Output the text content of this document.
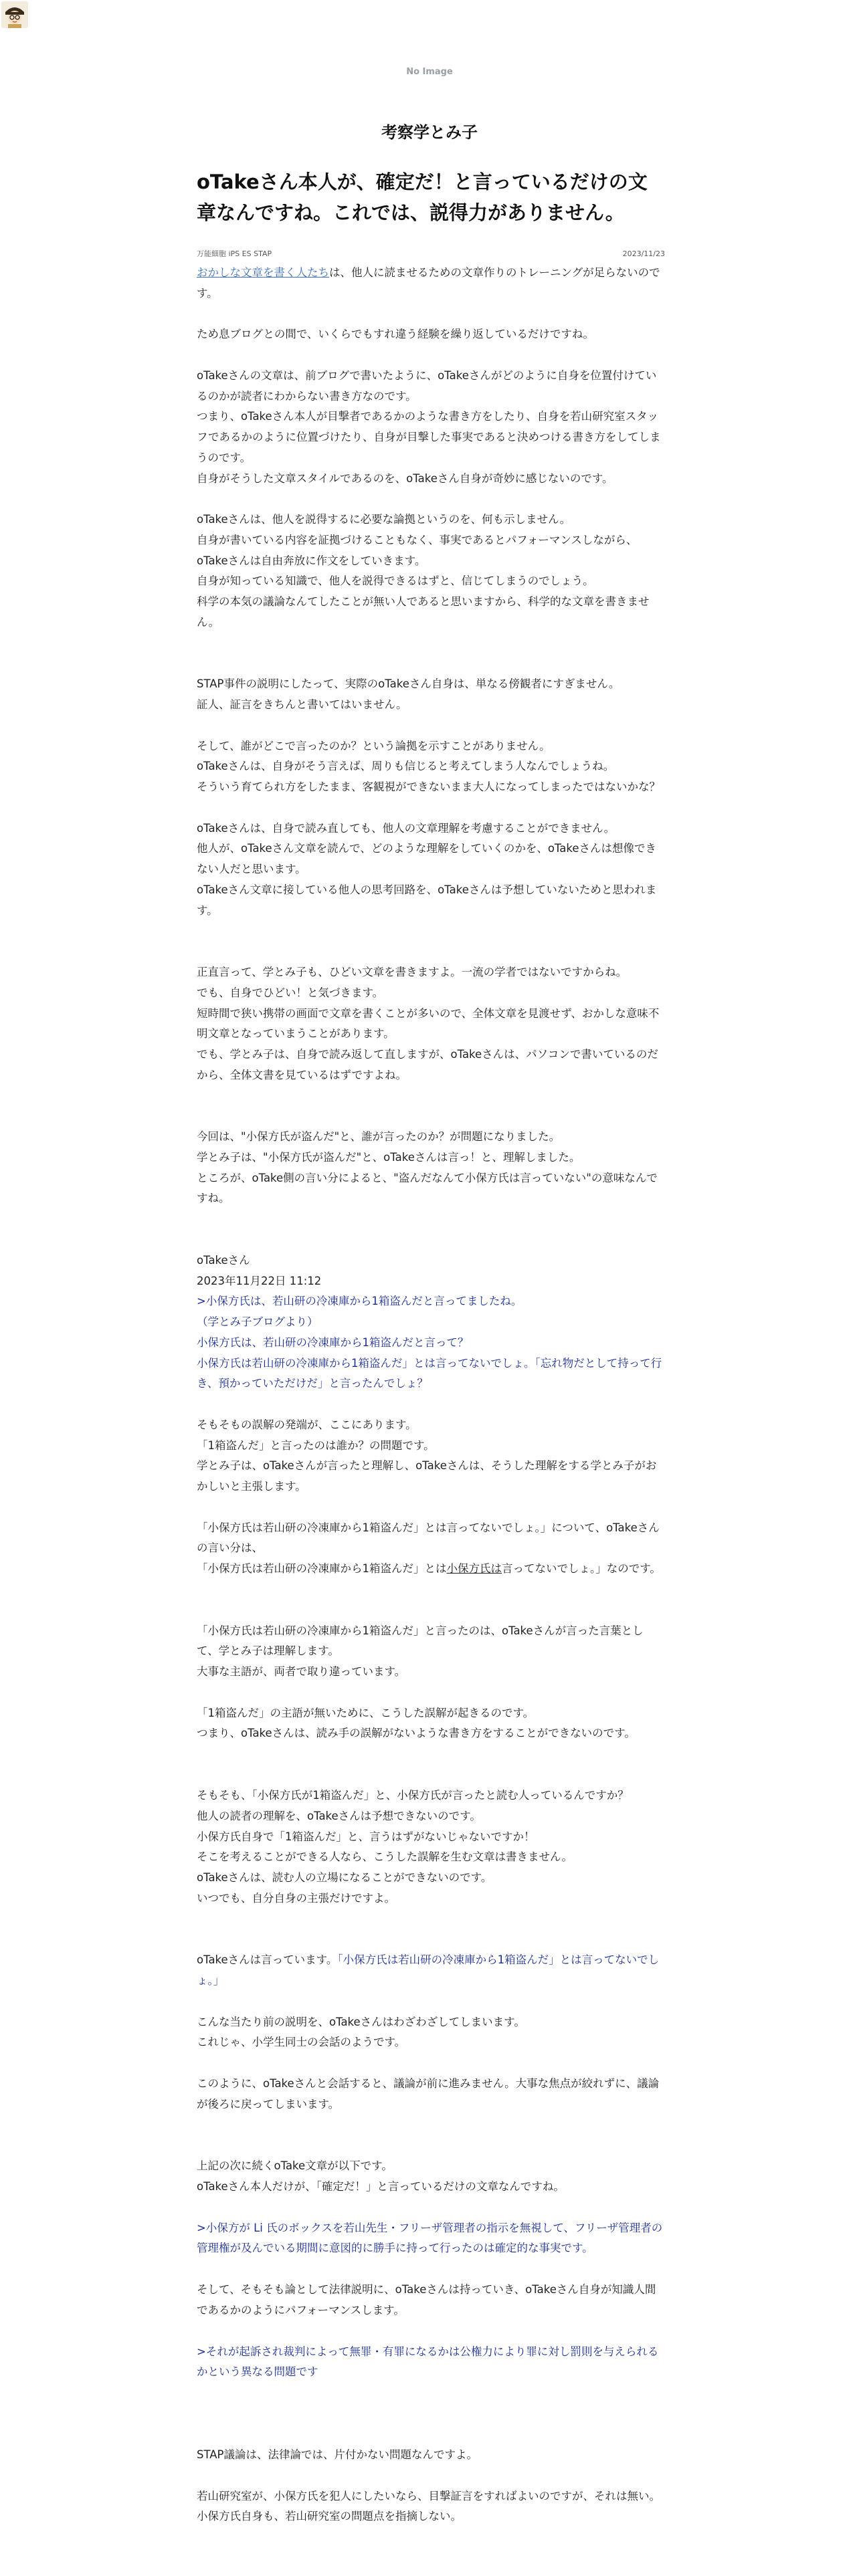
No Image
考察学とみ子
oTakeさん本人が、確定だ！と言っているだけの文章なんですね。これでは、説得力がありません。
万能細胞 iPS ES STAP	2023/11/23
おかしな文章を書く人たちは、他人に読ませるための文章作りのトレーニングが足らないのです。
ため息ブログとの間で、いくらでもすれ違う経験を繰り返しているだけですね。
oTakeさんの文章は、前ブログで書いたように、oTakeさんがどのように自身を位置付けているのかが読者にわからない書き方なのです。
つまり、oTakeさん本人が目撃者であるかのような書き方をしたり、自身を若山研究室スタッフであるかのように位置づけたり、自身が目撃した事実であると決めつける書き方をしてしまうのです。
自身がそうした文章スタイルであるのを、oTakeさん自身が奇妙に感じないのです。
oTakeさんは、他人を説得するに必要な論拠というのを、何も示しません。
自身が書いている内容を証拠づけることもなく、事実であるとパフォーマンスしながら、oTakeさんは自由奔放に作文をしていきます。
自身が知っている知識で、他人を説得できるはずと、信じてしまうのでしょう。
科学の本気の議論なんてしたことが無い人であると思いますから、科学的な文章を書きません。
STAP事件の説明にしたって、実際のoTakeさん自身は、単なる傍観者にすぎません。
証人、証言をきちんと書いてはいません。
そして、誰がどこで言ったのか？という論拠を示すことがありません。
oTakeさんは、自身がそう言えば、周りも信じると考えてしまう人なんでしょうね。
そういう育てられ方をしたまま、客観視ができないまま大人になってしまったではないかな？
oTakeさんは、自身で読み直しても、他人の文章理解を考慮することができません。
他人が、oTakeさん文章を読んで、どのような理解をしていくのかを、oTakeさんは想像できない人だと思います。
oTakeさん文章に接している他人の思考回路を、oTakeさんは予想していないためと思われます。
正直言って、学とみ子も、ひどい文章を書きますよ。一流の学者ではないですからね。
でも、自身でひどい！と気づきます。
短時間で狭い携帯の画面で文章を書くことが多いので、全体文章を見渡せず、おかしな意味不明文章となっていまうことがあります。
でも、学とみ子は、自身で読み返して直しますが、oTakeさんは、パソコンで書いているのだから、全体文書を見ているはずですよね。
今回は、"小保方氏が盗んだ"と、誰が言ったのか？が問題になりました。
学とみ子は、"小保方氏が盗んだ"と、oTakeさんは言っ！と、理解しました。
ところが、oTake側の言い分によると、"盗んだなんて小保方氏は言っていない"の意味なんですね。
oTakeさん
2023年11月22日 11:12
>小保方氏は、若山研の冷凍庫から1箱盗んだと言ってましたね。
（学とみ子ブログより）
小保方氏は、若山研の冷凍庫から1箱盗んだと言って？
小保方氏は若山研の冷凍庫から1箱盗んだ」とは言ってないでしょ。「忘れ物だとして持って行き、預かっていただけだ」と言ったんでしょ？
そもそもの誤解の発端が、ここにあります。
「1箱盗んだ」と言ったのは誰か？の問題です。
学とみ子は、oTakeさんが言ったと理解し、oTakeさんは、そうした理解をする学とみ子がおかしいと主張します。
「小保方氏は若山研の冷凍庫から1箱盗んだ」とは言ってないでしょ。」について、oTakeさんの言い分は、
「小保方氏は若山研の冷凍庫から1箱盗んだ」とは小保方氏は言ってないでしょ。」なのです。
「小保方氏は若山研の冷凍庫から1箱盗んだ」と言ったのは、oTakeさんが言った言葉として、学とみ子は理解します。
大事な主語が、両者で取り違っています。
「1箱盗んだ」の主語が無いために、こうした誤解が起きるのです。
つまり、oTakeさんは、読み手の誤解がないような書き方をすることができないのです。
そもそも、「小保方氏が1箱盗んだ」と、小保方氏が言ったと読む人っているんですか？
他人の読者の理解を、oTakeさんは予想できないのです。
小保方氏自身で「1箱盗んだ」と、言うはずがないじゃないですか！
そこを考えることができる人なら、こうした誤解を生む文章は書きません。
oTakeさんは、読む人の立場になることができないのです。
いつでも、自分自身の主張だけですよ。
oTakeさんは言っています。「小保方氏は若山研の冷凍庫から1箱盗んだ」とは言ってないでしょ。」
こんな当たり前の説明を、oTakeさんはわざわざしてしまいます。
これじゃ、小学生同士の会話のようです。
このように、oTakeさんと会話すると、議論が前に進みません。大事な焦点が絞れずに、議論が後ろに戻ってしまいます。
上記の次に続くoTake文章が以下です。
oTakeさん本人だけが、「確定だ！」と言っているだけの文章なんですね。
>小保方が Li 氏のボックスを若山先生・フリーザ管理者の指示を無視して、フリーザ管理者の管理権が及んでいる期間に意図的に勝手に持って行ったのは確定的な事実です。
そして、そもそも論として法律説明に、oTakeさんは持っていき、oTakeさん自身が知識人間であるかのようにパフォーマンスします。
>それが起訴され裁判によって無罪・有罪になるかは公権力により罪に対し罰則を与えられるかという異なる問題です
STAP議論は、法律論では、片付かない問題なんですよ。
若山研究室が、小保方氏を犯人にしたいなら、目撃証言をすればよいのですが、それは無い。
小保方氏自身も、若山研究室の問題点を指摘しない。
